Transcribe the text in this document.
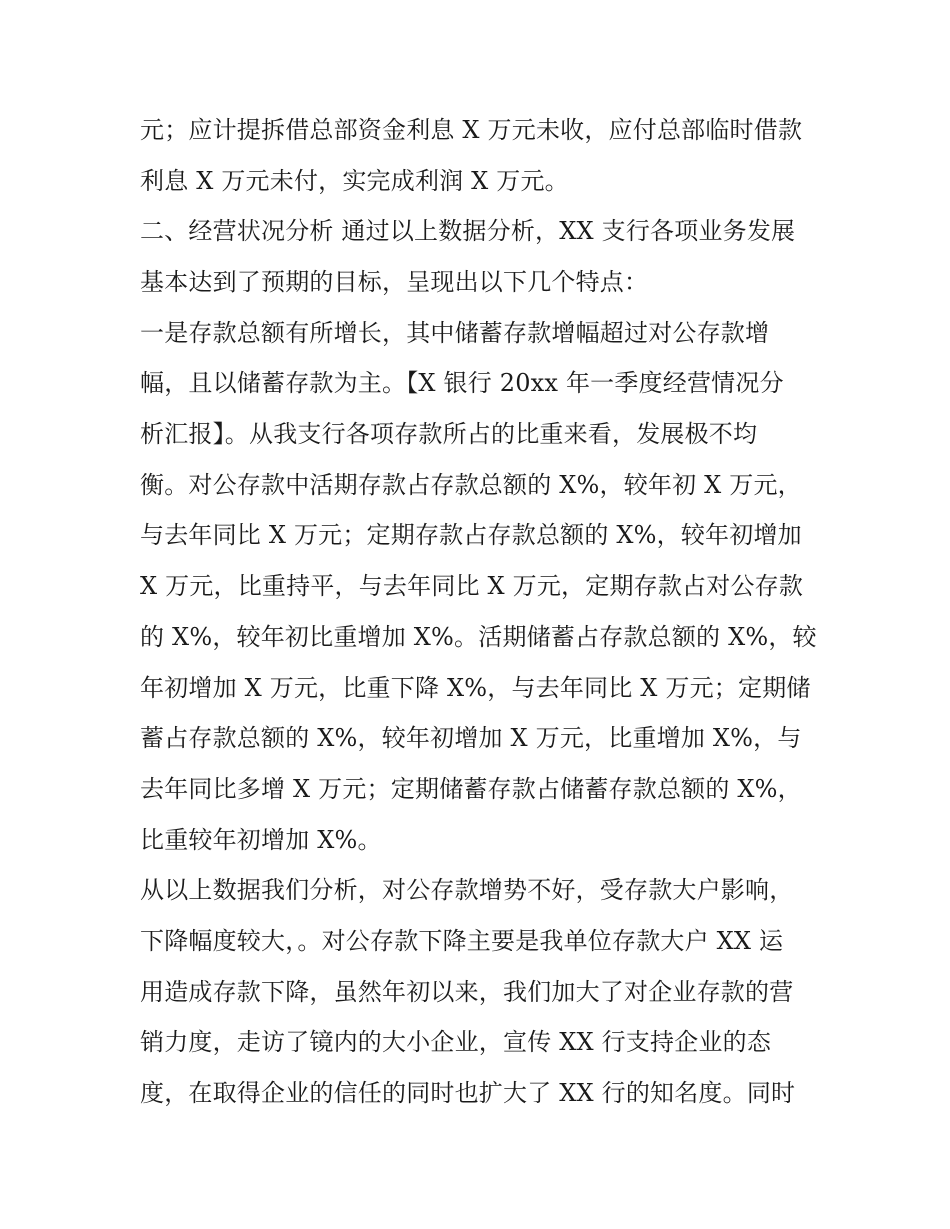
元；应计提拆借总部资金利息 X 万元未收，应付总部临时借款
利息 X 万元未付，实完成利润 X 万元。
二、经营状况分析 通过以上数据分析，XX 支行各项业务发展
基本达到了预期的目标，呈现出以下几个特点：
一是存款总额有所增长，其中储蓄存款增幅超过对公存款增
幅，且以储蓄存款为主。【X 银行 20xx 年一季度经营情况分
析汇报】。从我支行各项存款所占的比重来看，发展极不均
衡。对公存款中活期存款占存款总额的 X%，较年初 X 万元，
与去年同比 X 万元；定期存款占存款总额的 X%，较年初增加
X 万元，比重持平，与去年同比 X 万元，定期存款占对公存款
的 X%，较年初比重增加 X%。活期储蓄占存款总额的 X%，较
年初增加 X 万元，比重下降 X%，与去年同比 X 万元；定期储
蓄占存款总额的 X%，较年初增加 X 万元，比重增加 X%，与
去年同比多增 X 万元；定期储蓄存款占储蓄存款总额的 X%，
比重较年初增加 X%。
从以上数据我们分析，对公存款增势不好，受存款大户影响，
下降幅度较大，。对公存款下降主要是我单位存款大户 XX 运
用造成存款下降，虽然年初以来，我们加大了对企业存款的营
销力度，走访了镜内的大小企业，宣传 XX 行支持企业的态
度，在取得企业的信任的同时也扩大了 XX 行的知名度。同时
